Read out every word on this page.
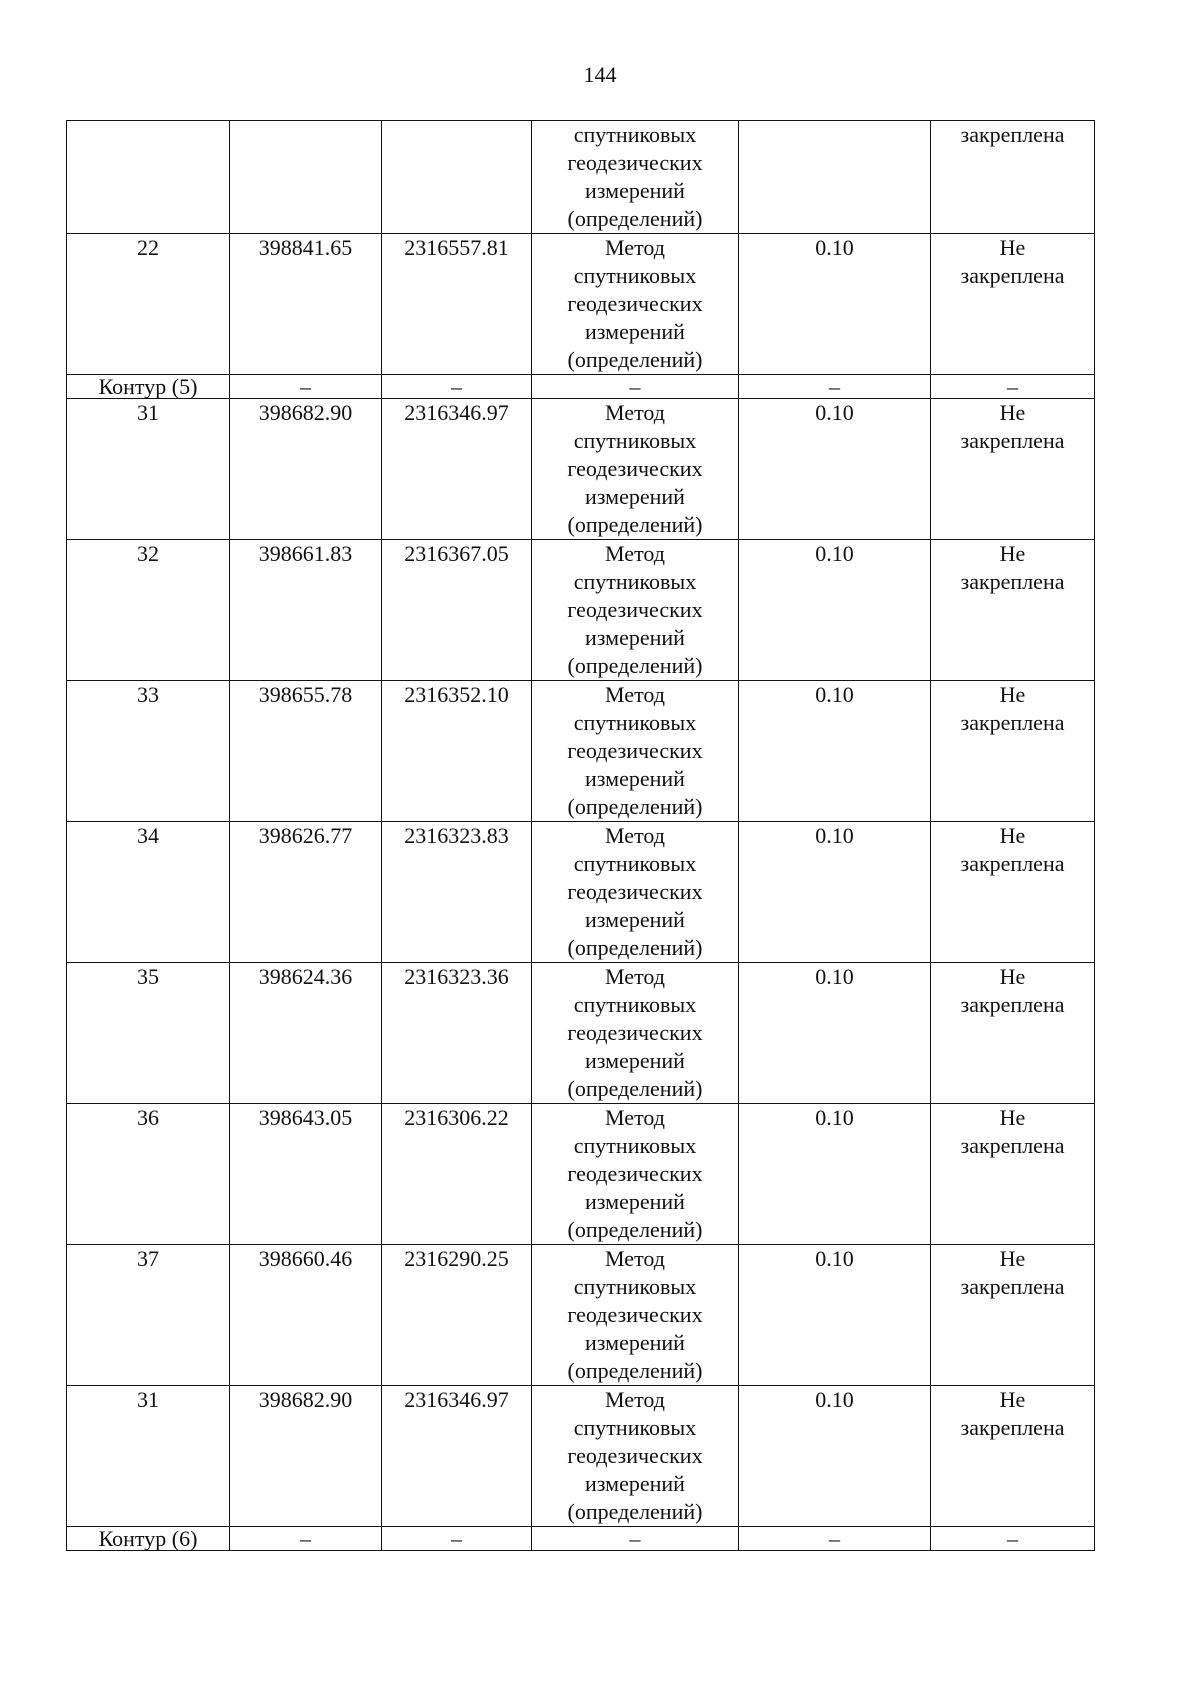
144

			спутниковых
геодезических
измерений
(определений)		закреплена

22	398841.65	2316557.81	Метод
спутниковых
геодезических
измерений
(определений)	0.10	Не
закреплена

Контур (5)	–	–	–	–	–
31	398682.90	2316346.97	Метод
спутниковых
геодезических
измерений
(определений)	0.10	Не
закреплена

32	398661.83	2316367.05	Метод
спутниковых
геодезических
измерений
(определений)	0.10	Не
закреплена

33	398655.78	2316352.10	Метод
спутниковых
геодезических
измерений
(определений)	0.10	Не
закреплена

34	398626.77	2316323.83	Метод
спутниковых
геодезических
измерений
(определений)	0.10	Не
закреплена

35	398624.36	2316323.36	Метод
спутниковых
геодезических
измерений
(определений)	0.10	Не
закреплена

36	398643.05	2316306.22	Метод
спутниковых
геодезических
измерений
(определений)	0.10	Не
закреплена

37	398660.46	2316290.25	Метод
спутниковых
геодезических
измерений
(определений)	0.10	Не
закреплена

31	398682.90	2316346.97	Метод
спутниковых
геодезических
измерений
(определений)	0.10	Не
закреплена

Контур (6)	–	–	–	–	–
